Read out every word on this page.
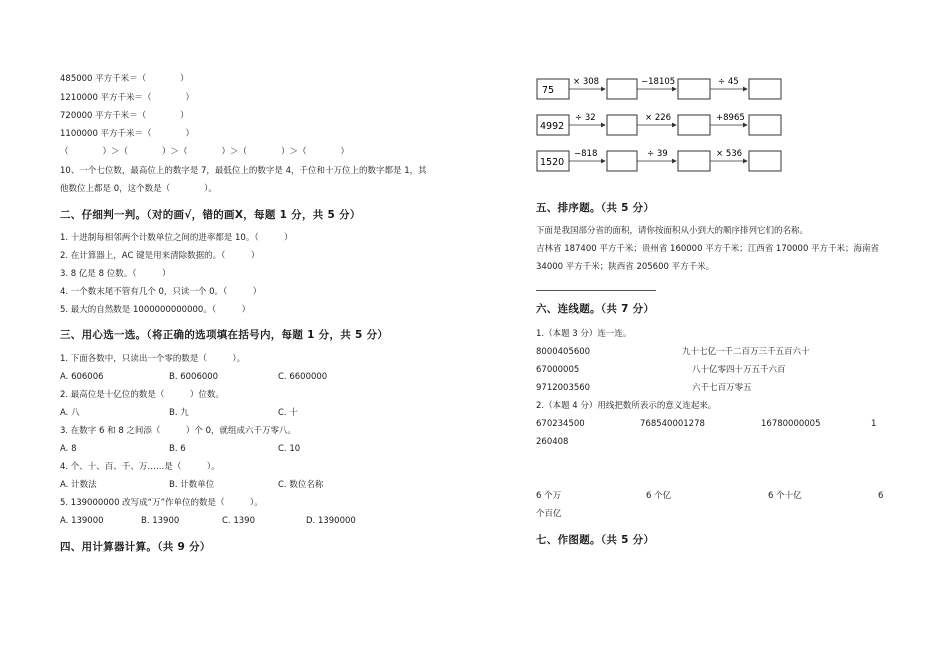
485000 平方千米＝（　　　　）
1210000 平方千米＝（　　　　）
720000 平方千米＝（　　　　）
1100000 平方千米＝（　　　　）
（　　　　）＞（　　　　）＞（　　　　）＞（　　　　）＞（　　　　）
10、一个七位数，最高位上的数字是 7，最低位上的数字是 4，千位和十万位上的数字都是 1，其
他数位上都是 0，这个数是（　　　　）。
二、仔细判一判。（对的画√，错的画X，每题 1 分，共 5 分）
1. 十进制每相邻两个计数单位之间的进率都是 10。（　　　）
2. 在计算器上，AC 键是用来清除数据的。（　　　）
3. 8 亿是 8 位数。（　　　）
4. 一个数末尾不管有几个 0，只读一个 0。（　　　）
5. 最大的自然数是 1000000000000。（　　　）
三、用心选一选。（将正确的选项填在括号内，每题 1 分，共 5 分）
1. 下面各数中，只读出一个零的数是（　　　）。
A. 606006	B. 6006000	C. 6600000
2. 最高位是十亿位的数是（　　　）位数。
A. 八	B. 九	C. 十
3. 在数字 6 和 8 之间添（　　　）个 0，就组成六千万零八。
A. 8	B. 6	C. 10
4. 个、十、百、千、万……是（　　　）。
A. 计数法	B. 计数单位	C. 数位名称
5. 139000000 改写成“万”作单位的数是（　　　）。
A. 139000	B. 13900	C. 1390	D. 1390000
四、用计算器计算。（共 9 分）
75
× 308	−18105	÷ 45
4992
÷ 32	× 226	+8965
1520
−818	÷ 39	× 536
五、排序题。（共 5 分）
下面是我国部分省的面积，请你按面积从小到大的顺序排列它们的名称。
吉林省 187400 平方千米；贵州省 160000 平方千米；江西省 170000 平方千米；海南省
34000 平方千米；陕西省 205600 平方千米。
六、连线题。（共 7 分）
1.（本题 3 分）连一连。
8000405600
67000005
9712003560
九十七亿一千二百万三千五百六十
八十亿零四十万五千六百
六千七百万零五
2.（本题 4 分）用线把数所表示的意义连起来。
670234500	768540001278	16780000005	1
260408
6 个万	6 个亿	6 个十亿	6
个百亿
七、作图题。（共 5 分）
